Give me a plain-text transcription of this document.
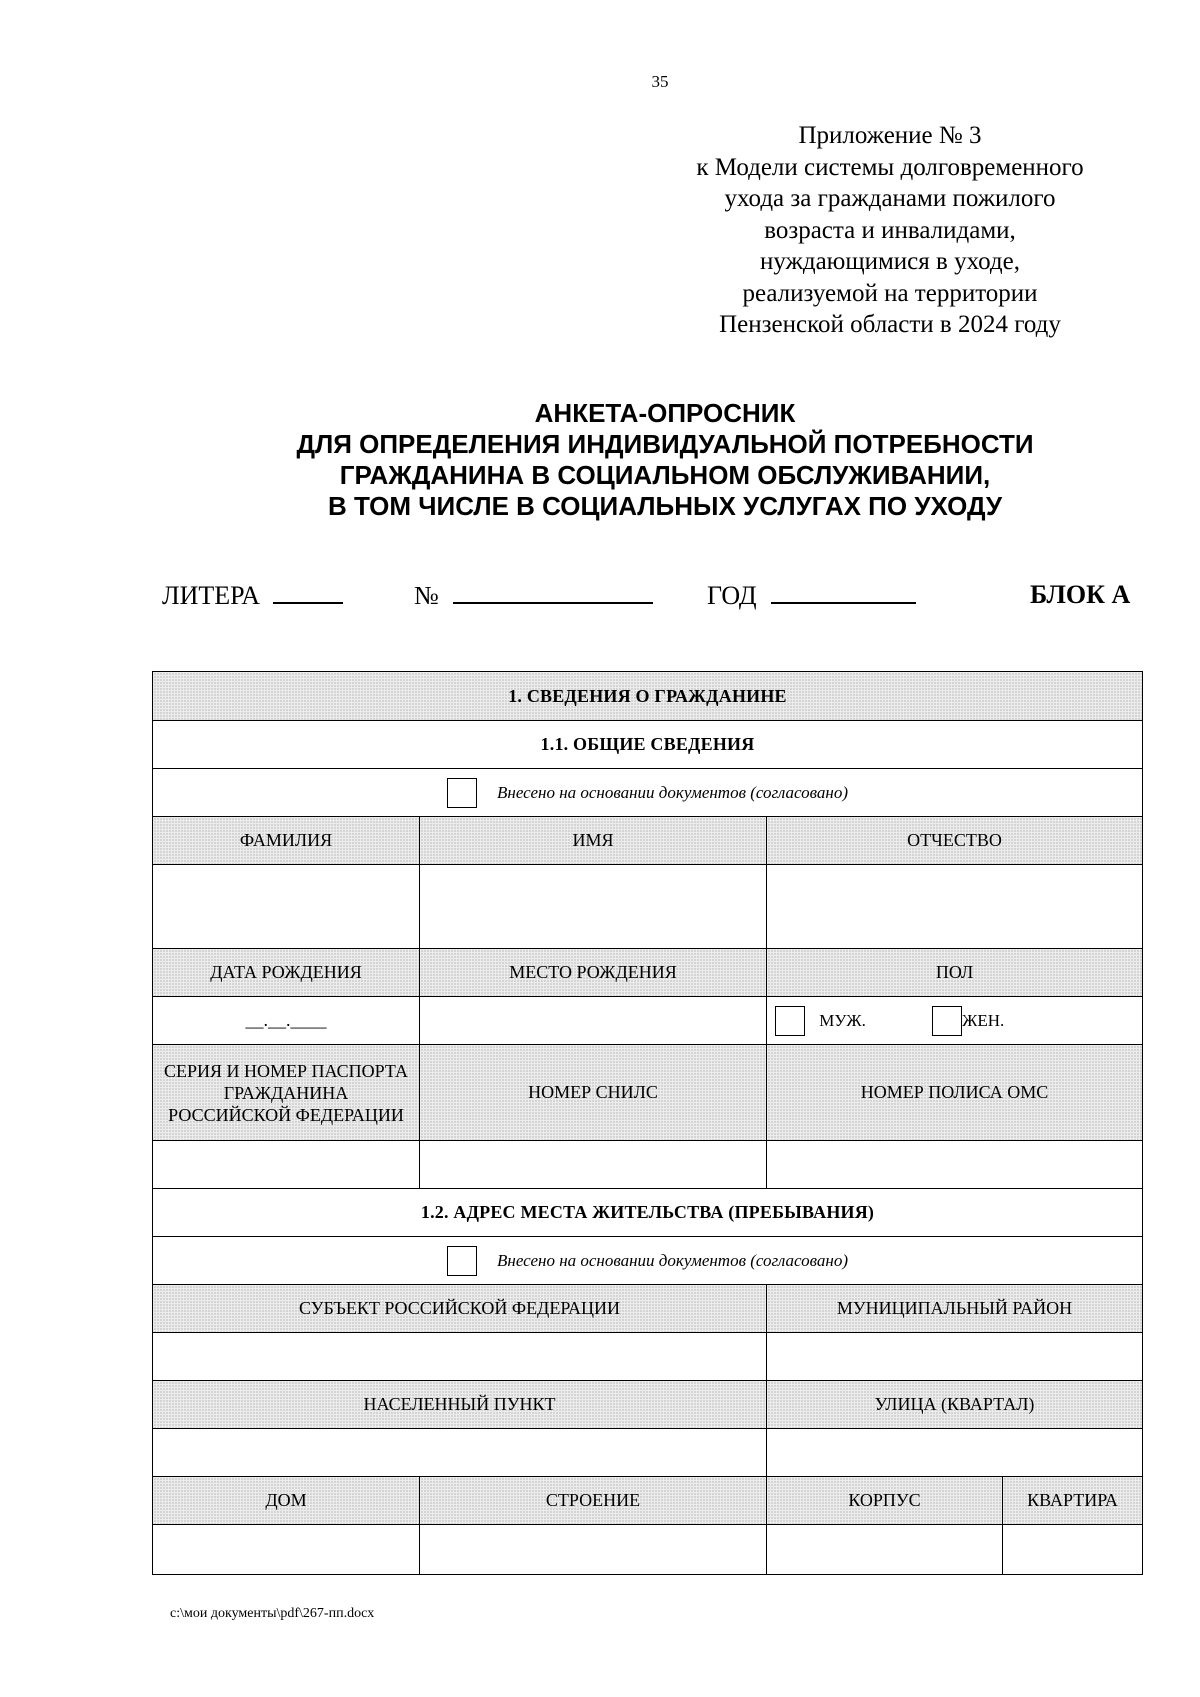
35
Приложение № 3
к Модели системы долговременного
ухода за гражданами пожилого
возраста и инвалидами,
нуждающимися в уходе,
реализуемой на территории
Пензенской области в 2024 году
АНКЕТА-ОПРОСНИК
ДЛЯ ОПРЕДЕЛЕНИЯ ИНДИВИДУАЛЬНОЙ ПОТРЕБНОСТИ
ГРАЖДАНИНА В СОЦИАЛЬНОМ ОБСЛУЖИВАНИИ,
В ТОМ ЧИСЛЕ В СОЦИАЛЬНЫХ УСЛУГАХ ПО УХОДУ
ЛИТЕРА	№	ГОД	БЛОК А
1. СВЕДЕНИЯ О ГРАЖДАНИНЕ			
1.1. ОБЩИЕ СВЕДЕНИЯ			
Внесено на основании документов (согласовано)			
ФАМИЛИЯ	ИМЯ	ОТЧЕСТВО	

ДАТА РОЖДЕНИЯ	МЕСТО РОЖДЕНИЯ	ПОЛ	
__.__.____		МУЖ. ЖЕН.	
СЕРИЯ И НОМЕР ПАСПОРТА ГРАЖДАНИНА РОССИЙСКОЙ ФЕДЕРАЦИИ	НОМЕР СНИЛС	НОМЕР ПОЛИСА ОМС	

1.2. АДРЕС МЕСТА ЖИТЕЛЬСТВА (ПРЕБЫВАНИЯ)			
Внесено на основании документов (согласовано)			
СУБЪЕКТ РОССИЙСКОЙ ФЕДЕРАЦИИ		МУНИЦИПАЛЬНЫЙ РАЙОН	

НАСЕЛЕННЫЙ ПУНКТ		УЛИЦА (КВАРТАЛ)	

ДОМ	СТРОЕНИЕ	КОРПУС	КВАРТИРА

c:\мои документы\pdf\267-пп.docx
